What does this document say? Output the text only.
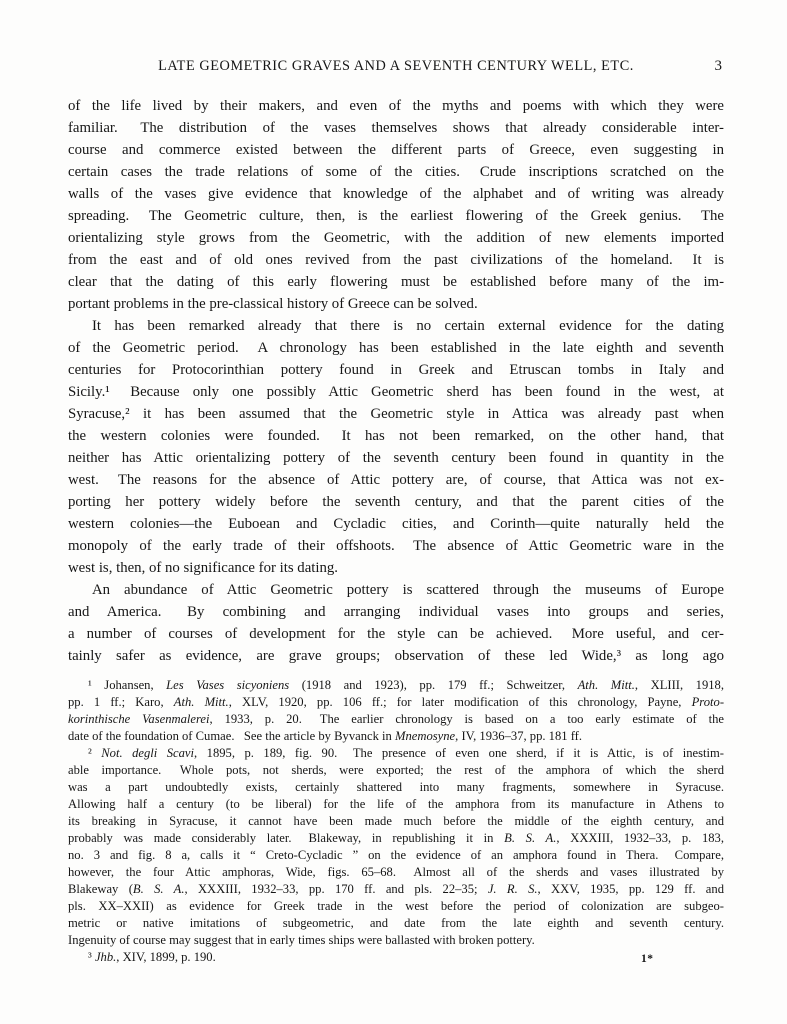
LATE GEOMETRIC GRAVES AND A SEVENTH CENTURY WELL, ETC.	3
of the life lived by their makers, and even of the myths and poems with which they were
familiar.  The distribution of the vases themselves shows that already considerable inter-
course and commerce existed between the different parts of Greece, even suggesting in
certain cases the trade relations of some of the cities.  Crude inscriptions scratched on the
walls of the vases give evidence that knowledge of the alphabet and of writing was already
spreading.  The Geometric culture, then, is the earliest flowering of the Greek genius.  The
orientalizing style grows from the Geometric, with the addition of new elements imported
from the east and of old ones revived from the past civilizations of the homeland.  It is
clear that the dating of this early flowering must be established before many of the im-
portant problems in the pre-classical history of Greece can be solved.
It has been remarked already that there is no certain external evidence for the dating
of the Geometric period.  A chronology has been established in the late eighth and seventh
centuries for Protocorinthian pottery found in Greek and Etruscan tombs in Italy and
Sicily.¹  Because only one possibly Attic Geometric sherd has been found in the west, at
Syracuse,² it has been assumed that the Geometric style in Attica was already past when
the western colonies were founded.  It has not been remarked, on the other hand, that
neither has Attic orientalizing pottery of the seventh century been found in quantity in the
west.  The reasons for the absence of Attic pottery are, of course, that Attica was not ex-
porting her pottery widely before the seventh century, and that the parent cities of the
western colonies—the Euboean and Cycladic cities, and Corinth—quite naturally held the
monopoly of the early trade of their offshoots.  The absence of Attic Geometric ware in the
west is, then, of no significance for its dating.
An abundance of Attic Geometric pottery is scattered through the museums of Europe
and America.  By combining and arranging individual vases into groups and series,
a number of courses of development for the style can be achieved.  More useful, and cer-
tainly safer as evidence, are grave groups; observation of these led Wide,³ as long ago
¹ Johansen, Les Vases sicyoniens (1918 and 1923), pp. 179 ff.; Schweitzer, Ath. Mitt., XLIII, 1918,
pp. 1 ff.; Karo, Ath. Mitt., XLV, 1920, pp. 106 ff.; for later modification of this chronology, Payne, Proto-
korinthische Vasenmalerei, 1933, p. 20.  The earlier chronology is based on a too early estimate of the
date of the foundation of Cumae.  See the article by Byvanck in Mnemosyne, IV, 1936–37, pp. 181 ff.
² Not. degli Scavi, 1895, p. 189, fig. 90.  The presence of even one sherd, if it is Attic, is of inestim-
able importance.  Whole pots, not sherds, were exported; the rest of the amphora of which the sherd
was a part undoubtedly exists, certainly shattered into many fragments, somewhere in Syracuse.
Allowing half a century (to be liberal) for the life of the amphora from its manufacture in Athens to
its breaking in Syracuse, it cannot have been made much before the middle of the eighth century, and
probably was made considerably later.  Blakeway, in republishing it in B. S. A., XXXIII, 1932–33, p. 183,
no. 3 and fig. 8 a, calls it “ Creto-Cycladic ” on the evidence of an amphora found in Thera.  Compare,
however, the four Attic amphoras, Wide, figs. 65–68.  Almost all of the sherds and vases illustrated by
Blakeway (B. S. A., XXXIII, 1932–33, pp. 170 ff. and pls. 22–35; J. R. S., XXV, 1935, pp. 129 ff. and
pls. XX–XXII) as evidence for Greek trade in the west before the period of colonization are subgeo-
metric or native imitations of subgeometric, and date from the late eighth and seventh century.
Ingenuity of course may suggest that in early times ships were ballasted with broken pottery.
³ Jhb., XIV, 1899, p. 190.	1*
